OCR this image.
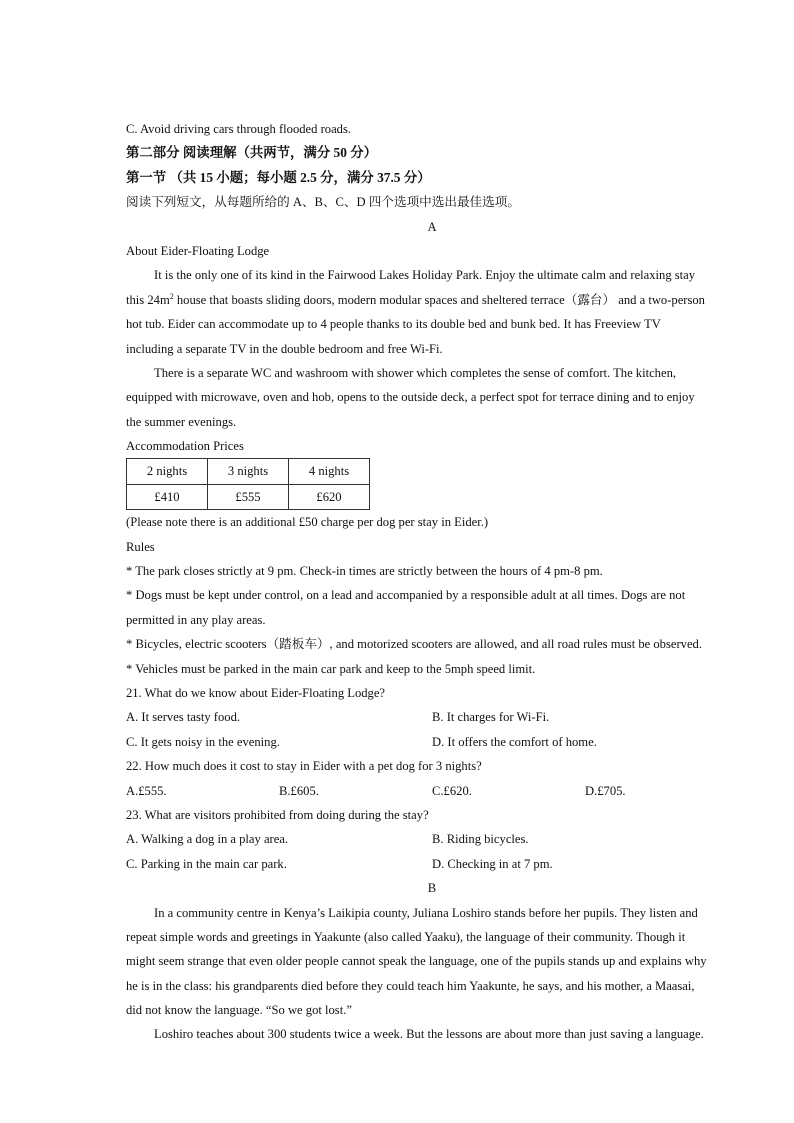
C. Avoid driving cars through flooded roads.
第二部分 阅读理解（共两节，满分 50 分）
第一节 （共 15 小题；每小题 2.5 分，满分 37.5 分）
阅读下列短文，从每题所给的 A、B、C、D 四个选项中选出最佳选项。
A
About Eider-Floating Lodge
It is the only one of its kind in the Fairwood Lakes Holiday Park. Enjoy the ultimate calm and relaxing stay
this $24m^2$ house that boasts sliding doors, modern modular spaces and sheltered terrace（露台） and a two-person
hot tub. Eider can accommodate up to 4 people thanks to its double bed and bunk bed. It has Freeview TV
including a separate TV in the double bedroom and free Wi-Fi.
There is a separate WC and washroom with shower which completes the sense of comfort. The kitchen,
equipped with microwave, oven and hob, opens to the outside deck, a perfect spot for terrace dining and to enjoy
the summer evenings.
Accommodation Prices
2 nights	3 nights	4 nights
£410	£555	£620
(Please note there is an additional £50 charge per dog per stay in Eider.)
Rules
* The park closes strictly at 9 pm. Check-in times are strictly between the hours of 4 pm-8 pm.
* Dogs must be kept under control, on a lead and accompanied by a responsible adult at all times. Dogs are not
permitted in any play areas.
* Bicycles, electric scooters（踏板车）, and motorized scooters are allowed, and all road rules must be observed.
* Vehicles must be parked in the main car park and keep to the 5mph speed limit.
21. What do we know about Eider-Floating Lodge?
A. It serves tasty food.	B. It charges for Wi-Fi.
C. It gets noisy in the evening.	D. It offers the comfort of home.
22. How much does it cost to stay in Eider with a pet dog for 3 nights?
A.£555.	B.£605.	C.£620.	D.£705.
23. What are visitors prohibited from doing during the stay?
A. Walking a dog in a play area.	B. Riding bicycles.
C. Parking in the main car park.	D. Checking in at 7 pm.
B
In a community centre in Kenya’s Laikipia county, Juliana Loshiro stands before her pupils. They listen and
repeat simple words and greetings in Yaakunte (also called Yaaku), the language of their community. Though it
might seem strange that even older people cannot speak the language, one of the pupils stands up and explains why
he is in the class: his grandparents died before they could teach him Yaakunte, he says, and his mother, a Maasai,
did not know the language. “So we got lost.”
Loshiro teaches about 300 students twice a week. But the lessons are about more than just saving a language.
